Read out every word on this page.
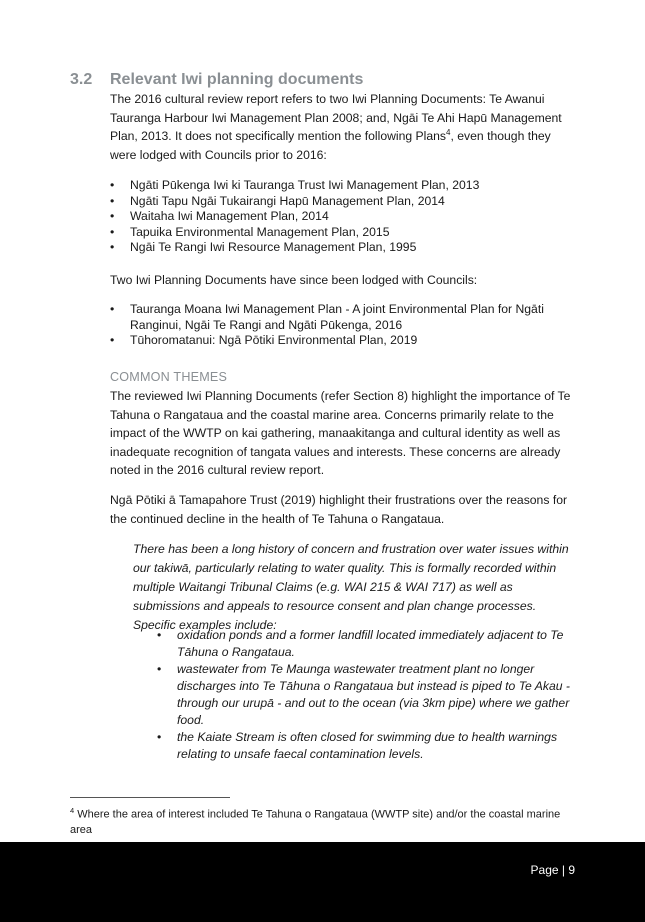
3.2 Relevant Iwi planning documents
The 2016 cultural review report refers to two Iwi Planning Documents: Te Awanui Tauranga Harbour Iwi Management Plan 2008; and, Ngāi Te Ahi Hapū Management Plan, 2013. It does not specifically mention the following Plans$^4$, even though they were lodged with Councils prior to 2016:
• Ngāti Pūkenga Iwi ki Tauranga Trust Iwi Management Plan, 2013
• Ngāti Tapu Ngāi Tukairangi Hapū Management Plan, 2014
• Waitaha Iwi Management Plan, 2014
• Tapuika Environmental Management Plan, 2015
• Ngāi Te Rangi Iwi Resource Management Plan, 1995
Two Iwi Planning Documents have since been lodged with Councils:
• Tauranga Moana Iwi Management Plan - A joint Environmental Plan for Ngāti Ranginui, Ngāi Te Rangi and Ngāti Pūkenga, 2016
• Tūhoromatanui: Ngā Pōtiki Environmental Plan, 2019
COMMON THEMES
The reviewed Iwi Planning Documents (refer Section 8) highlight the importance of Te Tahuna o Rangataua and the coastal marine area. Concerns primarily relate to the impact of the WWTP on kai gathering, manaakitanga and cultural identity as well as inadequate recognition of tangata values and interests. These concerns are already noted in the 2016 cultural review report.
Ngā Pōtiki ā Tamapahore Trust (2019) highlight their frustrations over the reasons for the continued decline in the health of Te Tahuna o Rangataua.
There has been a long history of concern and frustration over water issues within our takiwā, particularly relating to water quality. This is formally recorded within multiple Waitangi Tribunal Claims (e.g. WAI 215 & WAI 717) as well as submissions and appeals to resource consent and plan change processes. Specific examples include:
• oxidation ponds and a former landfill located immediately adjacent to Te Tāhuna o Rangataua.
• wastewater from Te Maunga wastewater treatment plant no longer discharges into Te Tāhuna o Rangataua but instead is piped to Te Akau - through our urupā - and out to the ocean (via 3km pipe) where we gather food.
• the Kaiate Stream is often closed for swimming due to health warnings relating to unsafe faecal contamination levels.
$^4$ Where the area of interest included Te Tahuna o Rangataua (WWTP site) and/or the coastal marine area
Page | 9
